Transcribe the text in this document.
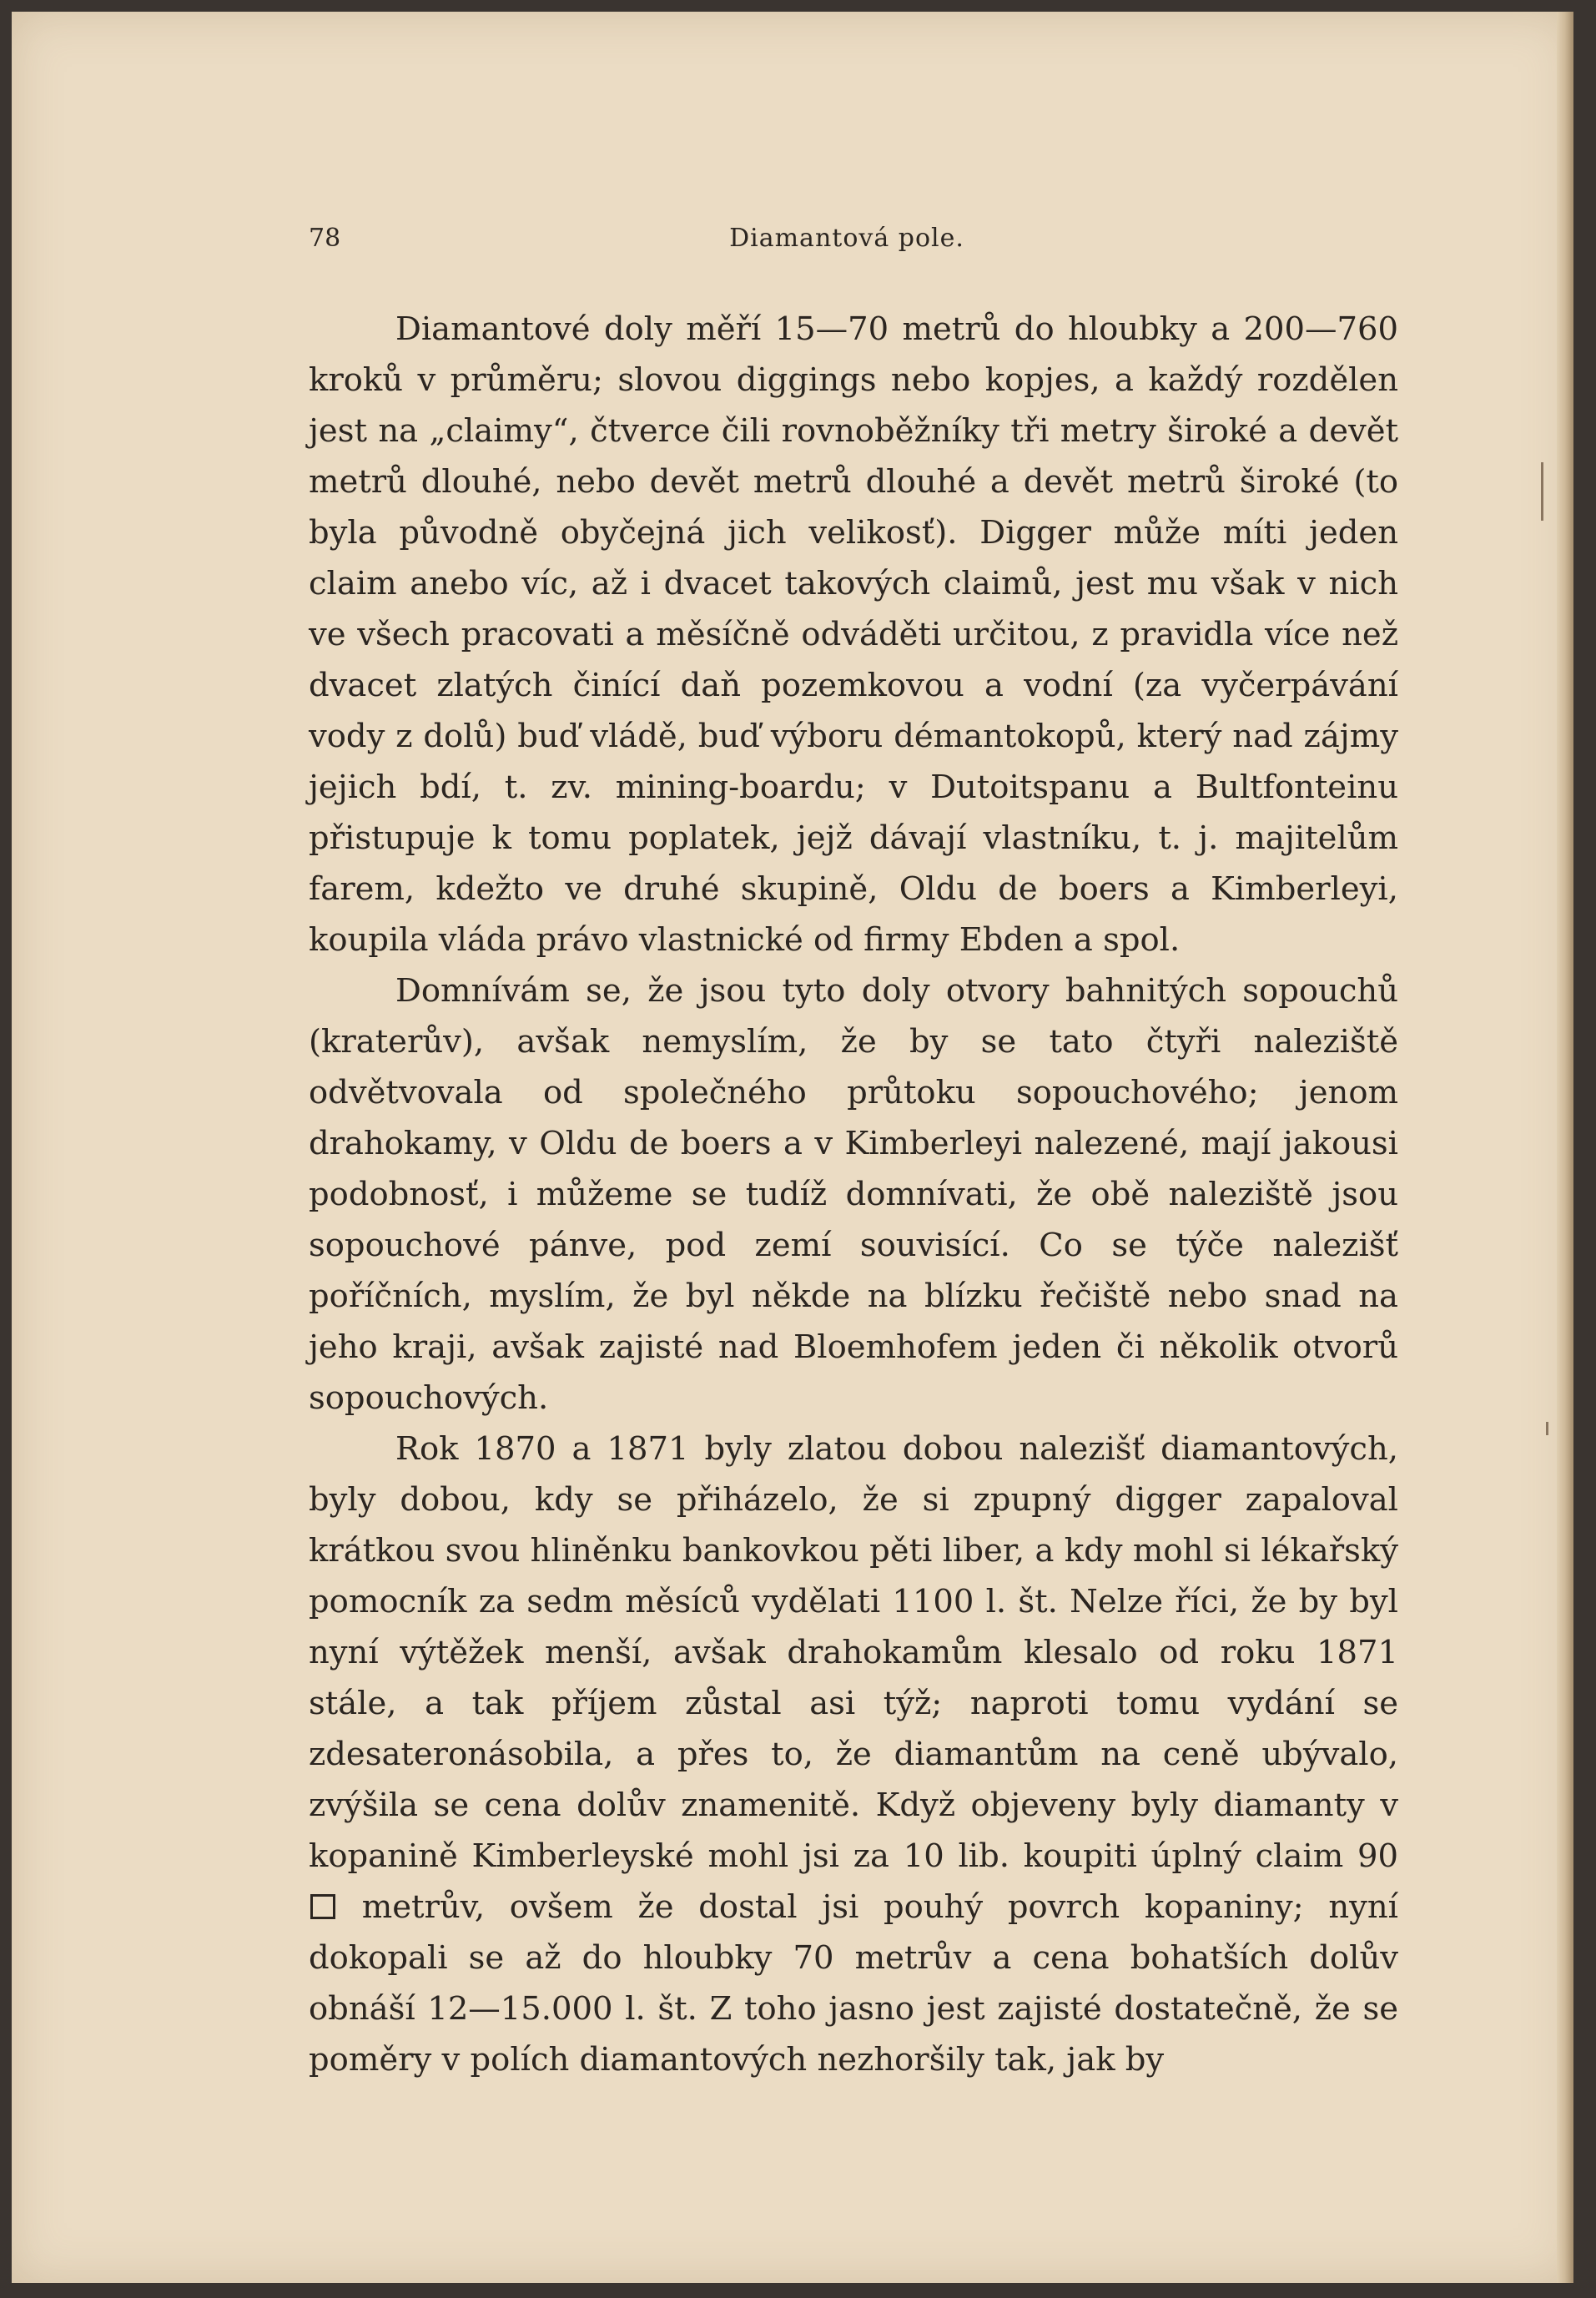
78	Diamantová pole.

Diamantové doly měří 15—70 metrů do hloubky a 200—760 kroků v průměru; slovou diggings nebo kopjes, a každý rozdělen jest na „claimy“, čtverce čili rovnoběžníky tři metry široké a devět metrů dlouhé, nebo devět metrů dlouhé a devět metrů široké (to byla původně obyčejná jich velikosť). Digger může míti jeden claim anebo víc, až i dvacet takových claimů, jest mu však v nich ve všech pracovati a měsíčně odváděti určitou, z pravidla více než dvacet zlatých činící daň pozemkovou a vodní (za vyčerpávání vody z dolů) buď vládě, buď výboru démantokopů, který nad zájmy jejich bdí, t. zv. mining-boardu; v Dutoitspanu a Bultfonteinu přistupuje k tomu poplatek, jejž dávají vlastníku, t. j. majitelům farem, kdežto ve druhé skupině, Oldu de boers a Kimberleyi, koupila vláda právo vlastnické od firmy Ebden a spol.

Domnívám se, že jsou tyto doly otvory bahnitých sopouchů (kraterův), avšak nemyslím, že by se tato čtyři naleziště odvětvovala od společného průtoku sopouchového; jenom drahokamy, v Oldu de boers a v Kimberleyi nalezené, mají jakousi podobnosť, i můžeme se tudíž domnívati, že obě naleziště jsou sopouchové pánve, pod zemí souvisící. Co se týče nalezišť poříčních, myslím, že byl někde na blízku řečiště nebo snad na jeho kraji, avšak zajisté nad Bloemhofem jeden či několik otvorů sopouchových.

Rok 1870 a 1871 byly zlatou dobou nalezišť diamantových, byly dobou, kdy se přiházelo, že si zpupný digger zapaloval krátkou svou hliněnku bankovkou pěti liber, a kdy mohl si lékařský pomocník za sedm měsíců vydělati 1100 l. št. Nelze říci, že by byl nyní výtěžek menší, avšak drahokamům klesalo od roku 1871 stále, a tak příjem zůstal asi týž; naproti tomu vydání se zdesateronásobila, a přes to, že diamantům na ceně ubývalo, zvýšila se cena dolův znamenitě. Když objeveny byly diamanty v kopanině Kimberleyské mohl jsi za 10 lib. koupiti úplný claim 90  metrův, ovšem že dostal jsi pouhý povrch kopaniny; nyní dokopali se až do hloubky 70 metrův a cena bohatších dolův obnáší 12—15.000 l. št. Z toho jasno jest zajisté dostatečně, že se poměry v polích diamantových nezhoršily tak, jak by
